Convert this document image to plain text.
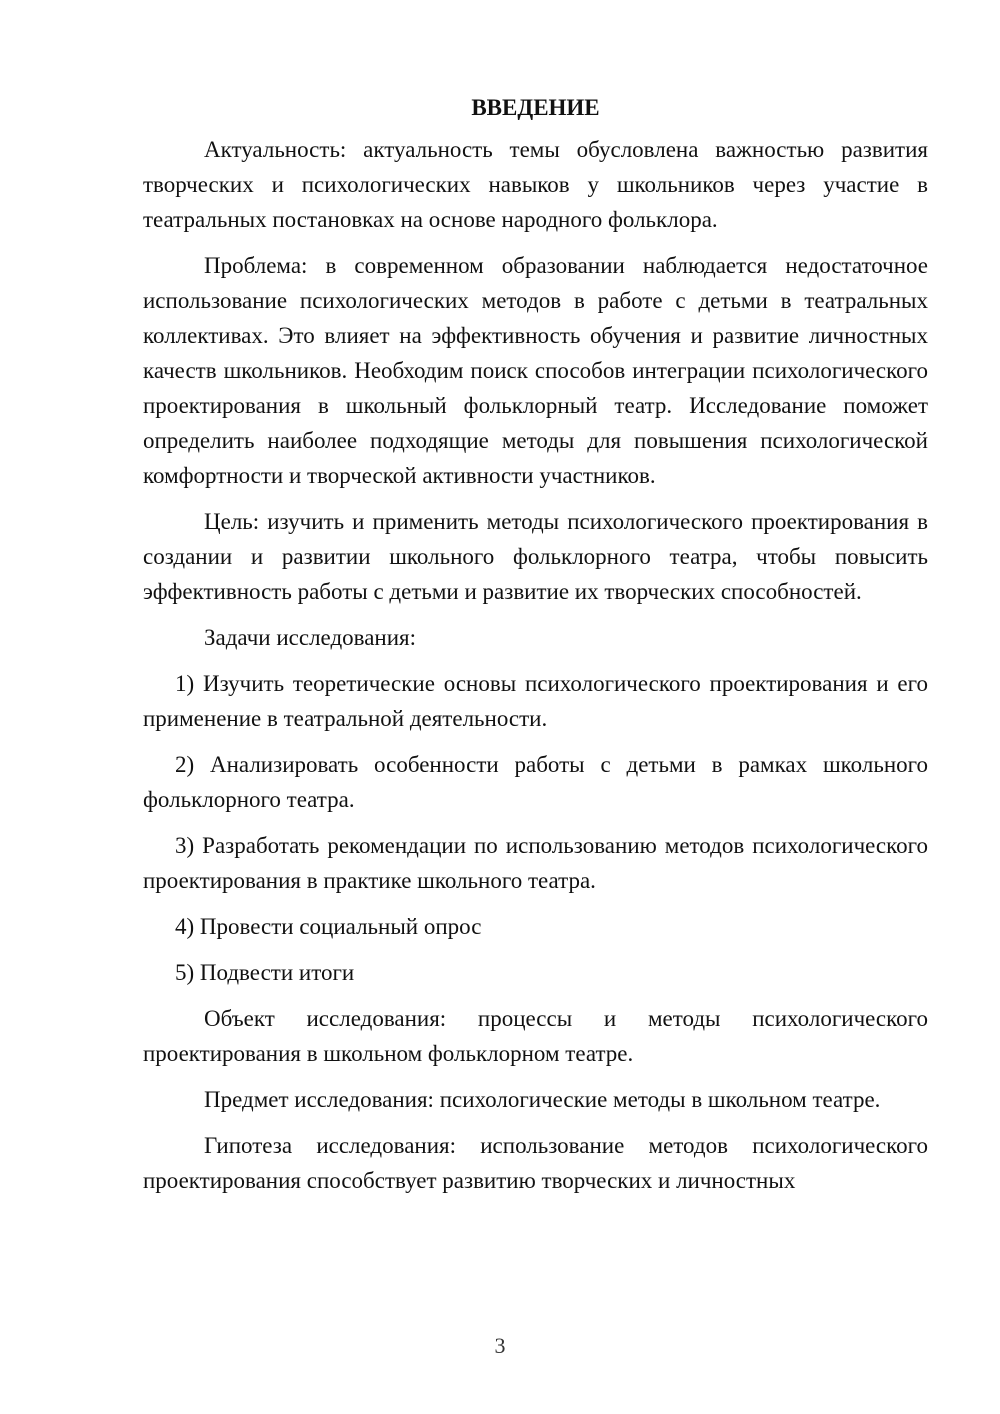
ВВЕДЕНИЕ

Актуальность: актуальность темы обусловлена важностью развития творческих и психологических навыков у школьников через участие в театральных постановках на основе народного фольклора.

Проблема: в современном образовании наблюдается недостаточное использование психологических методов в работе с детьми в театральных коллективах. Это влияет на эффективность обучения и развитие личностных качеств школьников. Необходим поиск способов интеграции психологического проектирования в школьный фольклорный театр. Исследование поможет определить наиболее подходящие методы для повышения психологической комфортности и творческой активности участников.

Цель: изучить и применить методы психологического проектирования в создании и развитии школьного фольклорного театра, чтобы повысить эффективность работы с детьми и развитие их творческих способностей.

Задачи исследования:

1) Изучить теоретические основы психологического проектирования и его применение в театральной деятельности.

2) Анализировать особенности работы с детьми в рамках школьного фольклорного театра.

3) Разработать рекомендации по использованию методов психологического проектирования в практике школьного театра.

4) Провести социальный опрос

5) Подвести итоги

Объект исследования: процессы и методы психологического проектирования в школьном фольклорном театре.

Предмет исследования: психологические методы в школьном театре.

Гипотеза исследования: использование методов психологического проектирования способствует развитию творческих и личностных

3
